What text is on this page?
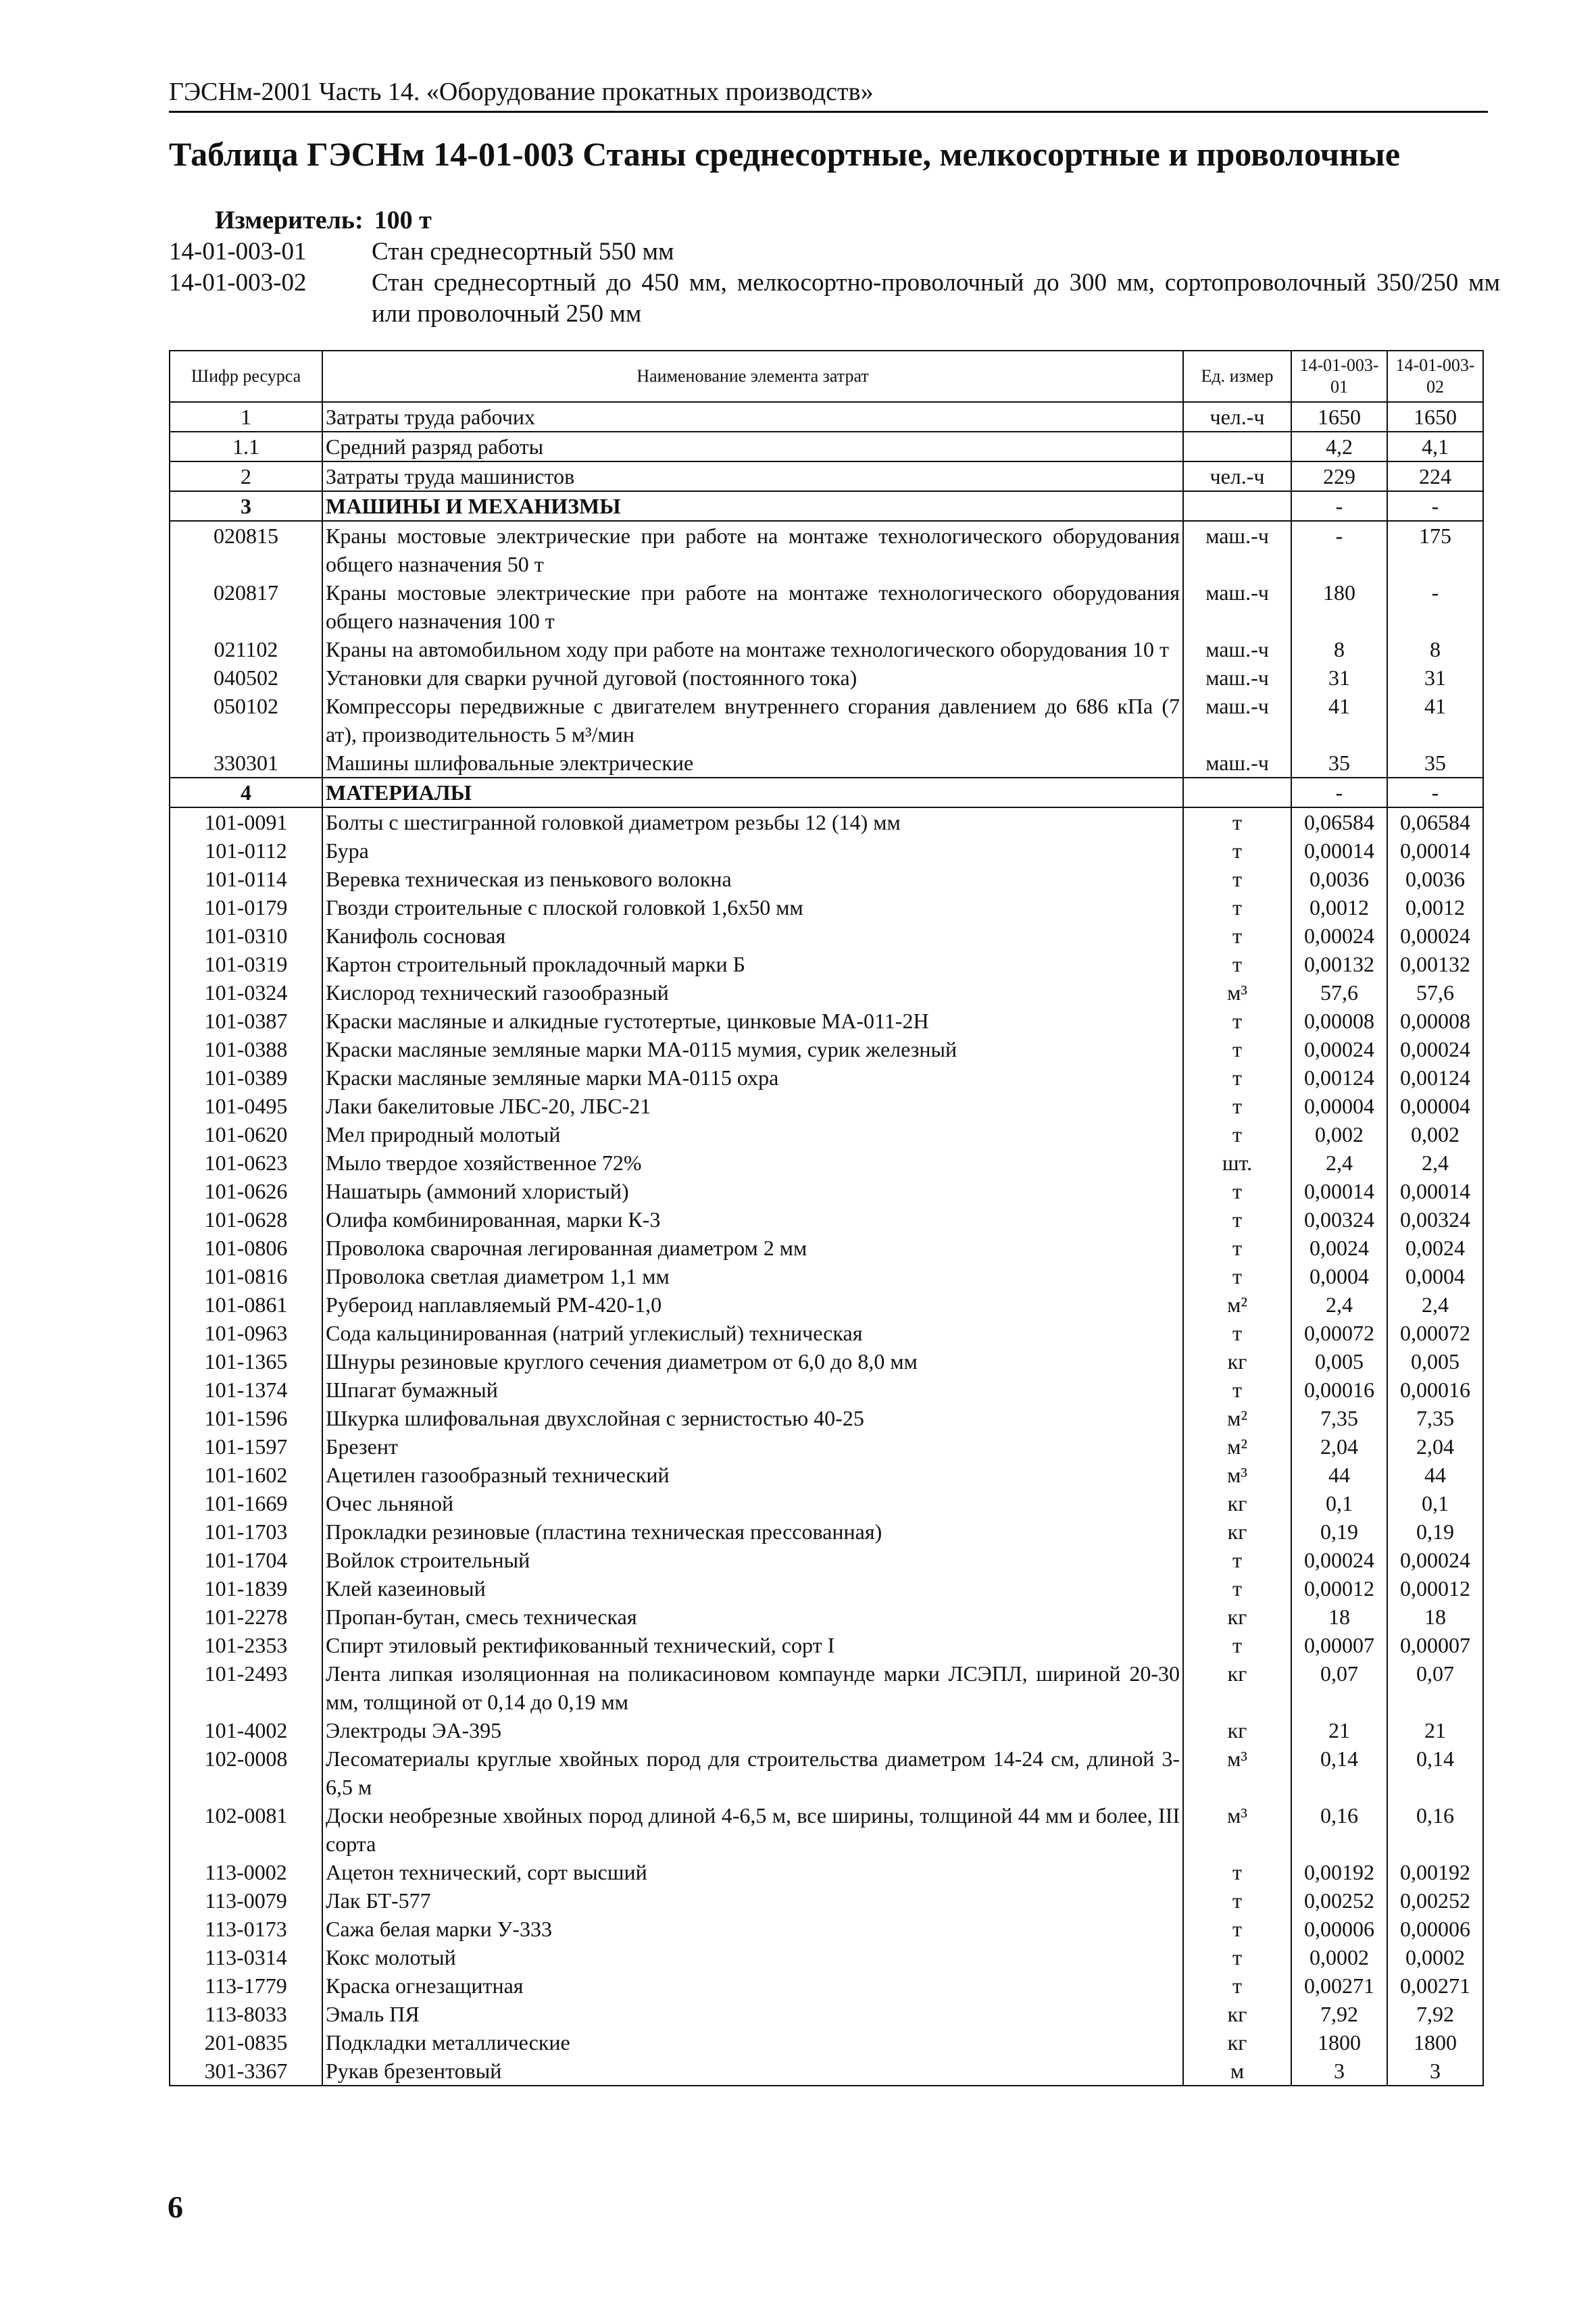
ГЭСНм-2001 Часть 14. «Оборудование прокатных производств»
Таблица ГЭСНм 14-01-003 Станы среднесортные, мелкосортные и проволочные
Измеритель: 100 т
14-01-003-01	Стан среднесортный 550 мм
14-01-003-02	Стан среднесортный до 450 мм, мелкосортно-проволочный до 300 мм, сортопроволочный 350/250 мм или проволочный 250 мм
Шифр ресурса	Наименование элемента затрат	Ед. измер	14-01-003-01	14-01-003-02
1	Затраты труда рабочих	чел.-ч	1650	1650
1.1	Средний разряд работы		4,2	4,1
2	Затраты труда машинистов	чел.-ч	229	224
3	МАШИНЫ И МЕХАНИЗМЫ		-	-
020815	Краны мостовые электрические при работе на монтаже технологического оборудования общего назначения 50 т	маш.-ч	-	175
020817	Краны мостовые электрические при работе на монтаже технологического оборудования общего назначения 100 т	маш.-ч	180	-
021102	Краны на автомобильном ходу при работе на монтаже технологического оборудования 10 т	маш.-ч	8	8
040502	Установки для сварки ручной дуговой (постоянного тока)	маш.-ч	31	31
050102	Компрессоры передвижные с двигателем внутреннего сгорания давлением до 686 кПа (7 ат), производительность 5 м³/мин	маш.-ч	41	41
330301	Машины шлифовальные электрические	маш.-ч	35	35
4	МАТЕРИАЛЫ		-	-
101-0091	Болты с шестигранной головкой диаметром резьбы 12 (14) мм	т	0,06584	0,06584
101-0112	Бура	т	0,00014	0,00014
101-0114	Веревка техническая из пенькового волокна	т	0,0036	0,0036
101-0179	Гвозди строительные с плоской головкой 1,6х50 мм	т	0,0012	0,0012
101-0310	Канифоль сосновая	т	0,00024	0,00024
101-0319	Картон строительный прокладочный марки Б	т	0,00132	0,00132
101-0324	Кислород технический газообразный	м³	57,6	57,6
101-0387	Краски масляные и алкидные густотертые, цинковые МА-011-2Н	т	0,00008	0,00008
101-0388	Краски масляные земляные марки МА-0115 мумия, сурик железный	т	0,00024	0,00024
101-0389	Краски масляные земляные марки МА-0115 охра	т	0,00124	0,00124
101-0495	Лаки бакелитовые ЛБС-20, ЛБС-21	т	0,00004	0,00004
101-0620	Мел природный молотый	т	0,002	0,002
101-0623	Мыло твердое хозяйственное 72%	шт.	2,4	2,4
101-0626	Нашатырь (аммоний хлористый)	т	0,00014	0,00014
101-0628	Олифа комбинированная, марки К-3	т	0,00324	0,00324
101-0806	Проволока сварочная легированная диаметром 2 мм	т	0,0024	0,0024
101-0816	Проволока светлая диаметром 1,1 мм	т	0,0004	0,0004
101-0861	Рубероид наплавляемый РМ-420-1,0	м²	2,4	2,4
101-0963	Сода кальцинированная (натрий углекислый) техническая	т	0,00072	0,00072
101-1365	Шнуры резиновые круглого сечения диаметром от 6,0 до 8,0 мм	кг	0,005	0,005
101-1374	Шпагат бумажный	т	0,00016	0,00016
101-1596	Шкурка шлифовальная двухслойная с зернистостью 40-25	м²	7,35	7,35
101-1597	Брезент	м²	2,04	2,04
101-1602	Ацетилен газообразный технический	м³	44	44
101-1669	Очес льняной	кг	0,1	0,1
101-1703	Прокладки резиновые (пластина техническая прессованная)	кг	0,19	0,19
101-1704	Войлок строительный	т	0,00024	0,00024
101-1839	Клей казеиновый	т	0,00012	0,00012
101-2278	Пропан-бутан, смесь техническая	кг	18	18
101-2353	Спирт этиловый ректификованный технический, сорт I	т	0,00007	0,00007
101-2493	Лента липкая изоляционная на поликасиновом компаунде марки ЛСЭПЛ, шириной 20-30 мм, толщиной от 0,14 до 0,19 мм	кг	0,07	0,07
101-4002	Электроды ЭА-395	кг	21	21
102-0008	Лесоматериалы круглые хвойных пород для строительства диаметром 14-24 см, длиной 3-6,5 м	м³	0,14	0,14
102-0081	Доски необрезные хвойных пород длиной 4-6,5 м, все ширины, толщиной 44 мм и более, III сорта	м³	0,16	0,16
113-0002	Ацетон технический, сорт высший	т	0,00192	0,00192
113-0079	Лак БТ-577	т	0,00252	0,00252
113-0173	Сажа белая марки У-333	т	0,00006	0,00006
113-0314	Кокс молотый	т	0,0002	0,0002
113-1779	Краска огнезащитная	т	0,00271	0,00271
113-8033	Эмаль ПЯ	кг	7,92	7,92
201-0835	Подкладки металлические	кг	1800	1800
301-3367	Рукав брезентовый	м	3	3
6
